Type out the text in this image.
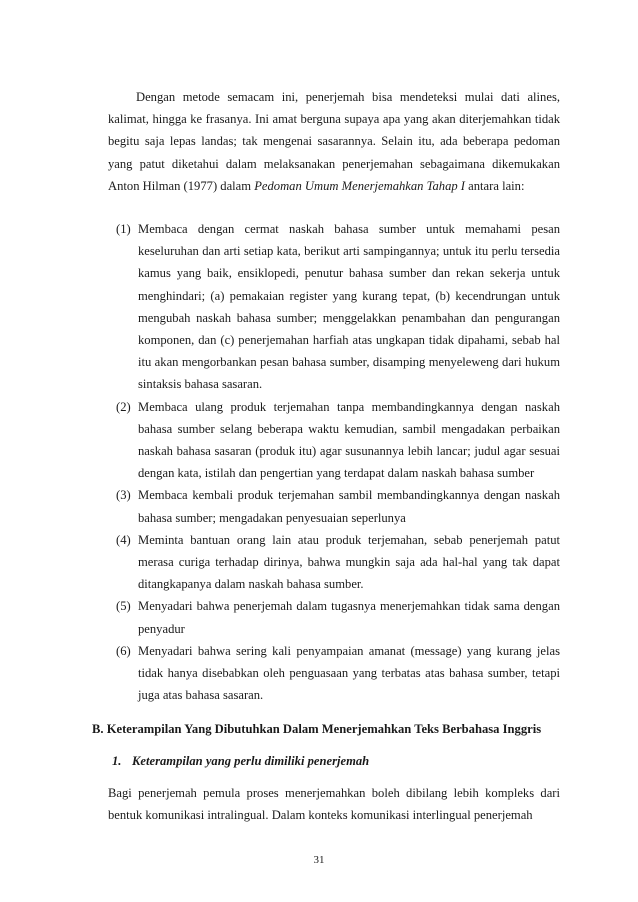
Dengan metode semacam ini, penerjemah bisa mendeteksi mulai dati alines, kalimat, hingga ke frasanya. Ini amat berguna supaya apa yang akan diterjemahkan tidak begitu saja lepas landas; tak mengenai sasarannya. Selain itu, ada beberapa pedoman yang patut diketahui dalam melaksanakan penerjemahan sebagaimana dikemukakan Anton Hilman (1977) dalam Pedoman Umum Menerjemahkan Tahap I antara lain:

(1) Membaca dengan cermat naskah bahasa sumber untuk memahami pesan keseluruhan dan arti setiap kata, berikut arti sampingannya; untuk itu perlu tersedia kamus yang baik, ensiklopedi, penutur bahasa sumber dan rekan sekerja untuk menghindari; (a) pemakaian register yang kurang tepat, (b) kecendrungan untuk mengubah naskah bahasa sumber; menggelakkan penambahan dan pengurangan komponen, dan (c) penerjemahan harfiah atas ungkapan tidak dipahami, sebab hal itu akan mengorbankan pesan bahasa sumber, disamping menyeleweng dari hukum sintaksis bahasa sasaran.
(2) Membaca ulang produk terjemahan tanpa membandingkannya dengan naskah bahasa sumber selang beberapa waktu kemudian, sambil mengadakan perbaikan naskah bahasa sasaran (produk itu) agar susunannya lebih lancar; judul agar sesuai dengan kata, istilah dan pengertian yang terdapat dalam naskah bahasa sumber
(3) Membaca kembali produk terjemahan sambil membandingkannya dengan naskah bahasa sumber; mengadakan penyesuaian seperlunya
(4) Meminta bantuan orang lain atau produk terjemahan, sebab penerjemah patut merasa curiga terhadap dirinya, bahwa mungkin saja ada hal-hal yang tak dapat ditangkapanya dalam naskah bahasa sumber.
(5) Menyadari bahwa penerjemah dalam tugasnya menerjemahkan tidak sama dengan penyadur
(6) Menyadari bahwa sering kali penyampaian amanat (message) yang kurang jelas tidak hanya disebabkan oleh penguasaan yang terbatas atas bahasa sumber, tetapi juga atas bahasa sasaran.
B. Keterampilan Yang Dibutuhkan Dalam Menerjemahkan Teks Berbahasa Inggris
1. Keterampilan yang perlu dimiliki penerjemah

Bagi penerjemah pemula proses menerjemahkan boleh dibilang lebih kompleks dari bentuk komunikasi intralingual. Dalam konteks komunikasi interlingual penerjemah

31
